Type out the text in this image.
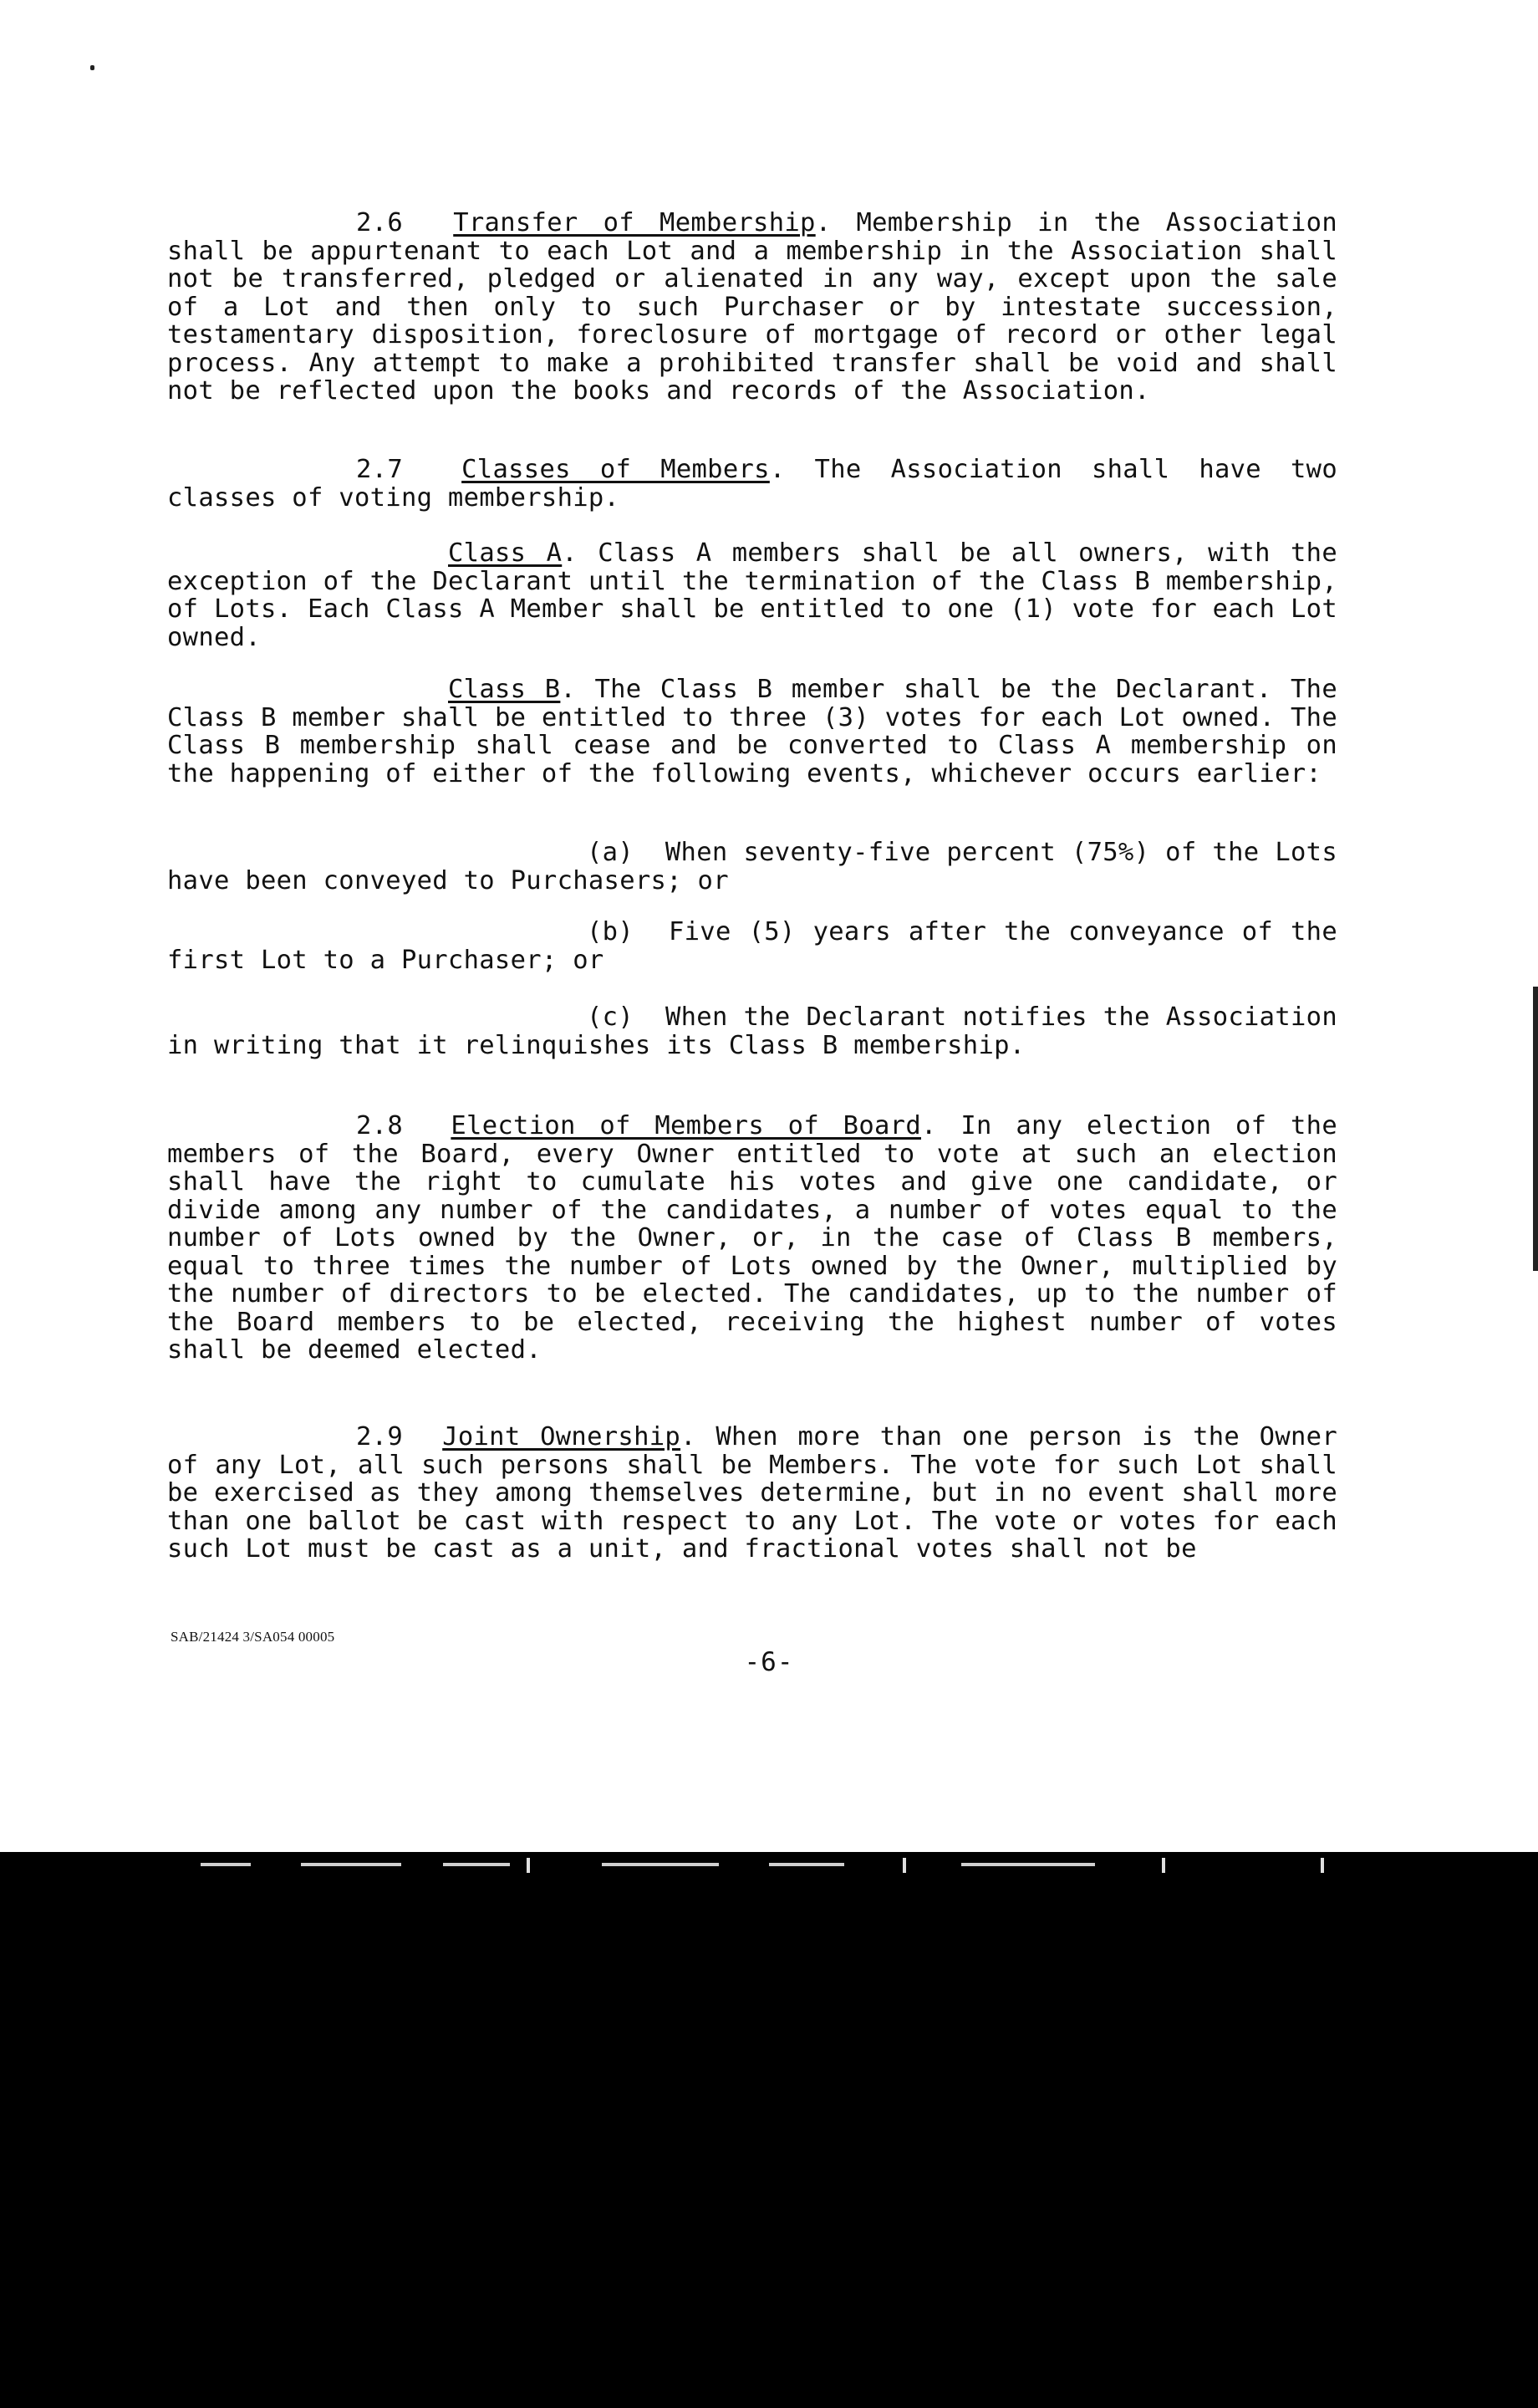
2.6 Transfer of Membership. Membership in the Association shall be appurtenant to each Lot and a membership in the Association shall not be transferred, pledged or alienated in any way, except upon the sale of a Lot and then only to such Purchaser or by intestate succession, testamentary disposition, foreclosure of mortgage of record or other legal process. Any attempt to make a prohibited transfer shall be void and shall not be reflected upon the books and records of the Association.

2.7 Classes of Members. The Association shall have two classes of voting membership.

Class A. Class A members shall be all owners, with the exception of the Declarant until the termination of the Class B membership, of Lots. Each Class A Member shall be entitled to one (1) vote for each Lot owned.

Class B. The Class B member shall be the Declarant. The Class B member shall be entitled to three (3) votes for each Lot owned. The Class B membership shall cease and be converted to Class A membership on the happening of either of the following events, whichever occurs earlier:

(a) When seventy-five percent (75%) of the Lots have been conveyed to Purchasers; or

(b) Five (5) years after the conveyance of the first Lot to a Purchaser; or

(c) When the Declarant notifies the Association in writing that it relinquishes its Class B membership.

2.8 Election of Members of Board. In any election of the members of the Board, every Owner entitled to vote at such an election shall have the right to cumulate his votes and give one candidate, or divide among any number of the candidates, a number of votes equal to the number of Lots owned by the Owner, or, in the case of Class B members, equal to three times the number of Lots owned by the Owner, multiplied by the number of directors to be elected. The candidates, up to the number of the Board members to be elected, receiving the highest number of votes shall be deemed elected.

2.9 Joint Ownership. When more than one person is the Owner of any Lot, all such persons shall be Members. The vote for such Lot shall be exercised as they among themselves determine, but in no event shall more than one ballot be cast with respect to any Lot. The vote or votes for each such Lot must be cast as a unit, and fractional votes shall not be

SAB/21424 3/SA054 00005
-6-
